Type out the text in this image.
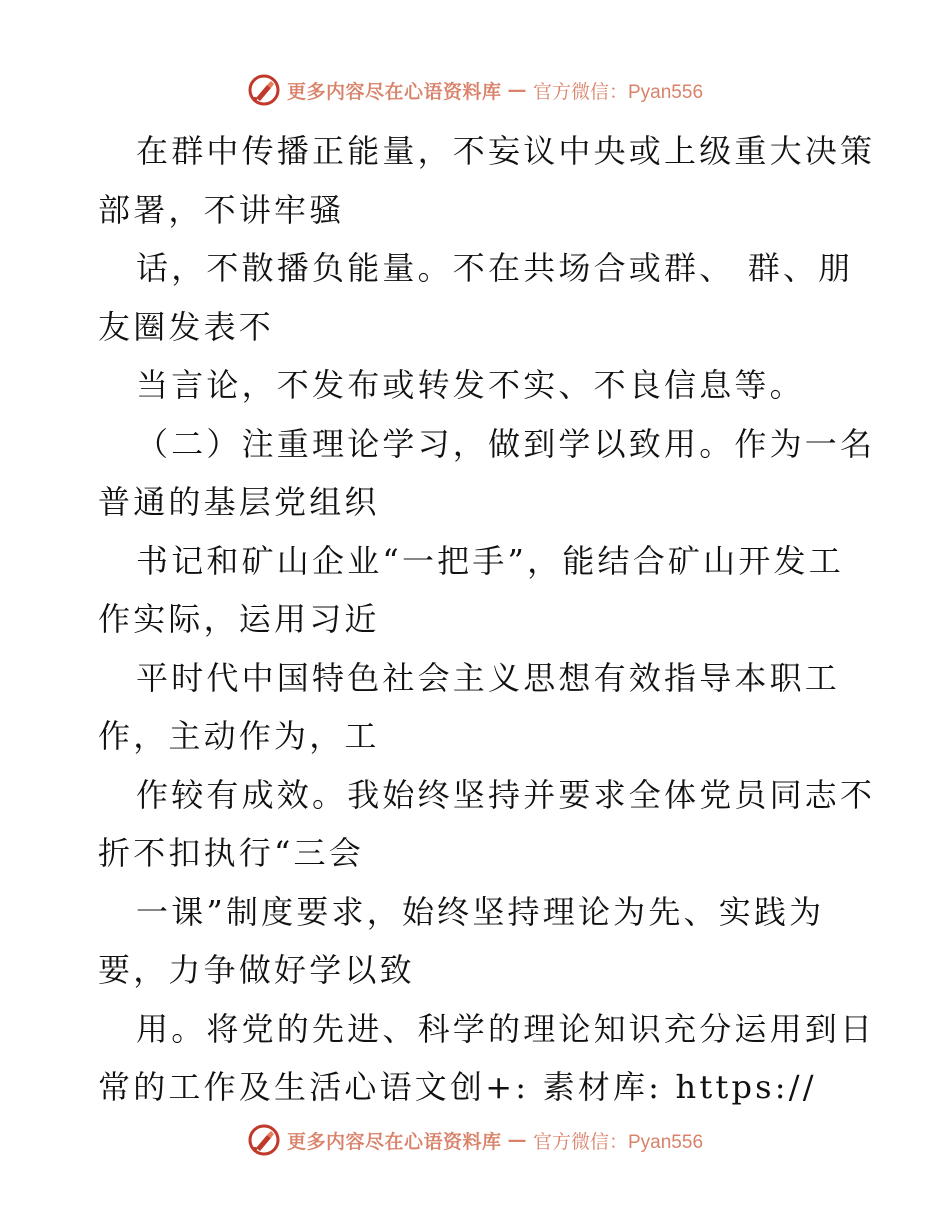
更多内容尽在心语资料库 — 官方微信：Pyan556

在群中传播正能量，不妄议中央或上级重大决策

部署，不讲牢骚

话，不散播负能量。不在共场合或群、 群、朋

友圈发表不

当言论，不发布或转发不实、不良信息等。

（二）注重理论学习，做到学以致用。作为一名

普通的基层党组织

书记和矿山企业“一把手”，能结合矿山开发工

作实际，运用习近

平时代中国特色社会主义思想有效指导本职工

作，主动作为，工

作较有成效。我始终坚持并要求全体党员同志不

折不扣执行“三会

一课”制度要求，始终坚持理论为先、实践为

要，力争做好学以致

用。将党的先进、科学的理论知识充分运用到日

常的工作及生活心语文创+: 素材库: https://

更多内容尽在心语资料库 — 官方微信：Pyan556
